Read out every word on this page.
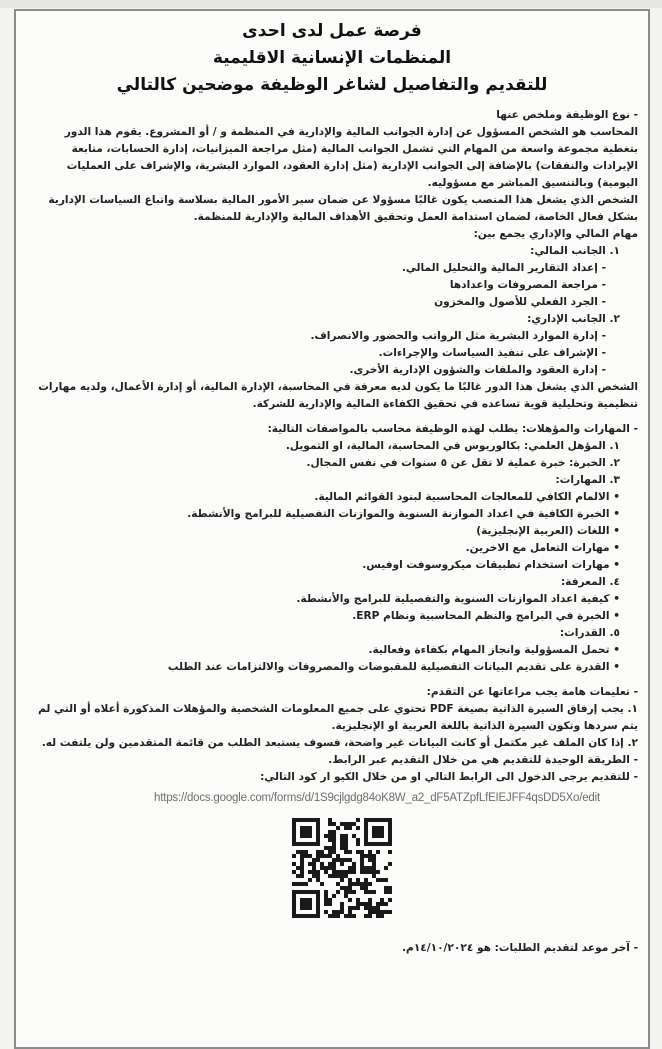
فرصة عمل لدى احدى
المنظمات الإنسانية الاقليمية
للتقديم والتفاصيل لشاغر الوظيفة موضحين كالتالي

- نوع الوظيفة وملخص عنها

المحاسب هو الشخص المسؤول عن إدارة الجوانب المالية والإدارية في المنظمة و / أو المشروع. يقوم هذا الدور بتغطية مجموعة واسعة من المهام التي تشمل الجوانب المالية (مثل مراجعة الميزانيات، إدارة الحسابات، متابعة الإيرادات والنفقات) بالإضافة إلى الجوانب الإدارية (مثل إدارة العقود، الموارد البشرية، والإشراف على العمليات اليومية) وبالتنسيق المباشر مع مسؤوليه.

الشخص الذي يشغل هذا المنصب يكون غالبًا مسؤولا عن ضمان سير الأمور المالية بسلاسة واتباع السياسات الإدارية بشكل فعال الخاصة، لضمان استدامة العمل وتحقيق الأهداف المالية والإدارية للمنظمة.

مهام المالي والإداري يجمع بين:

١. الجانب المالي:

- إعداد التقارير المالية والتحليل المالي.

- مراجعة المصروفات واعدادها

- الجرد الفعلي للأصول والمخزون

٢. الجانب الإداري:

- إدارة الموارد البشرية مثل الرواتب والحضور والانصراف.

- الإشراف على تنفيذ السياسات والإجراءات.

- إدارة العقود والملفات والشؤون الإدارية الأخرى.

الشخص الذي يشغل هذا الدور غالبًا ما يكون لديه معرفة في المحاسبة، الإدارة المالية، أو إدارة الأعمال، ولديه مهارات تنظيمية وتحليلية قوية تساعده في تحقيق الكفاءة المالية والإدارية للشركة.

- المهارات والمؤهلات: يطلب لهذه الوظيفة محاسب بالمواصفات التالية:

١. المؤهل العلمي: بكالوريوس في المحاسبة، المالية، او التمويل.

٢. الخبرة: خبرة عملية لا تقل عن ٥ سنوات في نفس المجال.

٣. المهارات:

• الالمام الكافي للمعالجات المحاسبية لبنود القوائم المالية.

• الخبرة الكافية في اعداد الموازنة السنوية والموازنات التفصيلية للبرامج والأنشطة.

• اللغات (العربية الإنجليزية)

• مهارات التعامل مع الاخرين.

• مهارات استخدام تطبيقات ميكروسوفت اوفيس.

٤. المعرفة:

• كيفية اعداد الموازنات السنوية والتفصيلية للبرامج والأنشطة.

• الخبرة في البرامج والنظم المحاسبية ونظام ERP.

٥. القدرات:

• تحمل المسؤولية وانجاز المهام بكفاءة وفعالية.

• القدرة على تقديم البيانات التفصيلية للمقبوضات والمصروفات والالتزامات عند الطلب

- تعليمات هامة يجب مراعاتها عن التقدم:

١. يجب إرفاق السيرة الذاتية بصيغة PDF تحتوي على جميع المعلومات الشخصية والمؤهلات المذكورة أعلاه أو التي لم يتم سردها وتكون السيرة الذاتية باللغة العربية او الإنجليزية.

٢. إذا كان الملف غير مكتمل أو كانت البيانات غير واضحة، فسوف يستبعد الطلب من قائمة المتقدمين ولن يلتفت له.

- الطريقة الوحيدة للتقديم هي من خلال التقديم عبر الرابط.

- للتقديم يرجى الدخول الى الرابط التالي او من خلال الكيو ار كود التالي:

https://docs.google.com/forms/d/1S9cjlgdg84oK8W_a2_dF5ATZpfLfEIEJFF4qsDD5Xo/edit

- آخر موعد لتقديم الطلبات: هو ١٤/١٠/٢٠٢٤م.
